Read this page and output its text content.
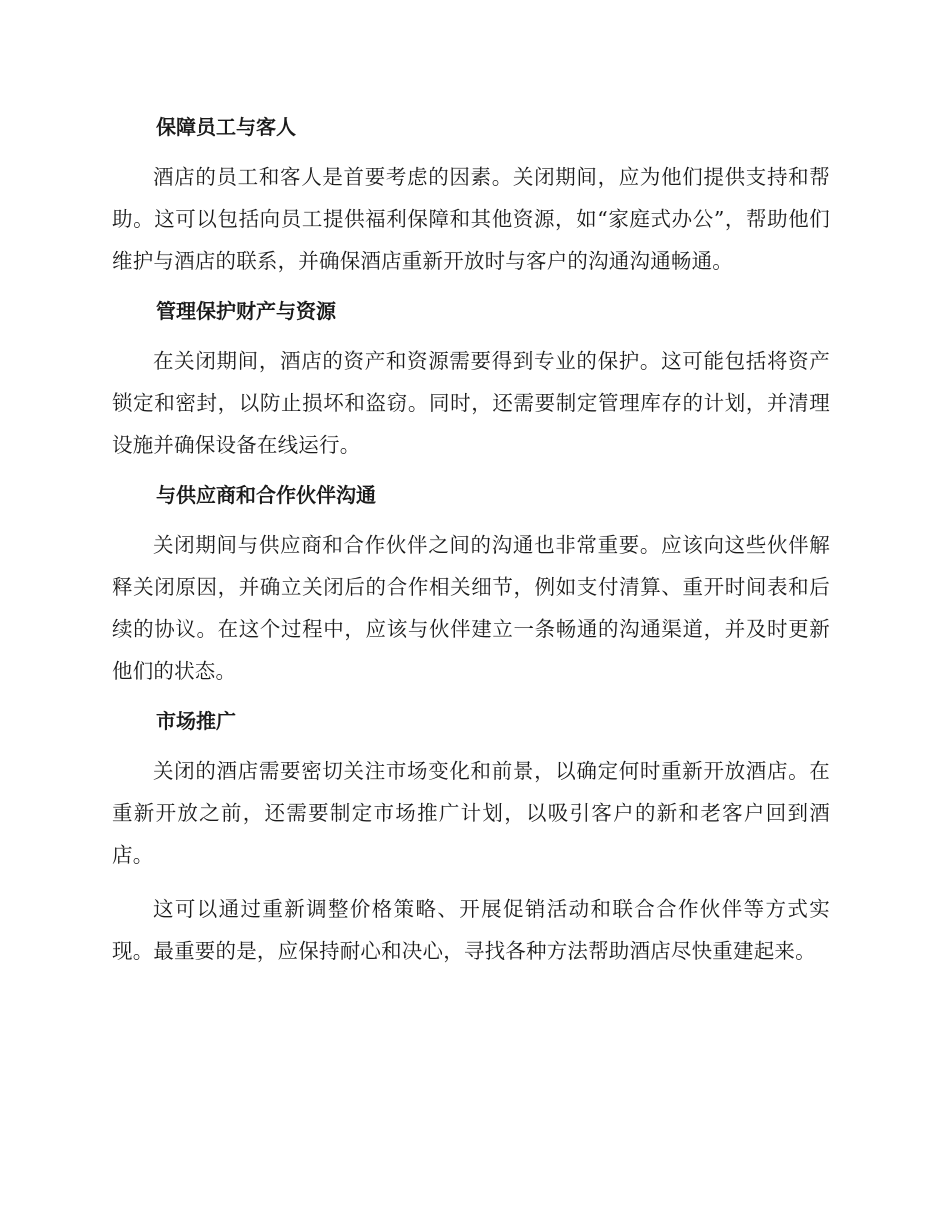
保障员工与客人

酒店的员工和客人是首要考虑的因素。关闭期间，应为他们提供支持和帮助。这可以包括向员工提供福利保障和其他资源，如“家庭式办公”，帮助他们维护与酒店的联系，并确保酒店重新开放时与客户的沟通沟通畅通。

管理保护财产与资源

在关闭期间，酒店的资产和资源需要得到专业的保护。这可能包括将资产锁定和密封，以防止损坏和盗窃。同时，还需要制定管理库存的计划，并清理设施并确保设备在线运行。

与供应商和合作伙伴沟通

关闭期间与供应商和合作伙伴之间的沟通也非常重要。应该向这些伙伴解释关闭原因，并确立关闭后的合作相关细节，例如支付清算、重开时间表和后续的协议。在这个过程中，应该与伙伴建立一条畅通的沟通渠道，并及时更新他们的状态。

市场推广

关闭的酒店需要密切关注市场变化和前景，以确定何时重新开放酒店。在重新开放之前，还需要制定市场推广计划，以吸引客户的新和老客户回到酒店。

这可以通过重新调整价格策略、开展促销活动和联合合作伙伴等方式实现。最重要的是，应保持耐心和决心，寻找各种方法帮助酒店尽快重建起来。
